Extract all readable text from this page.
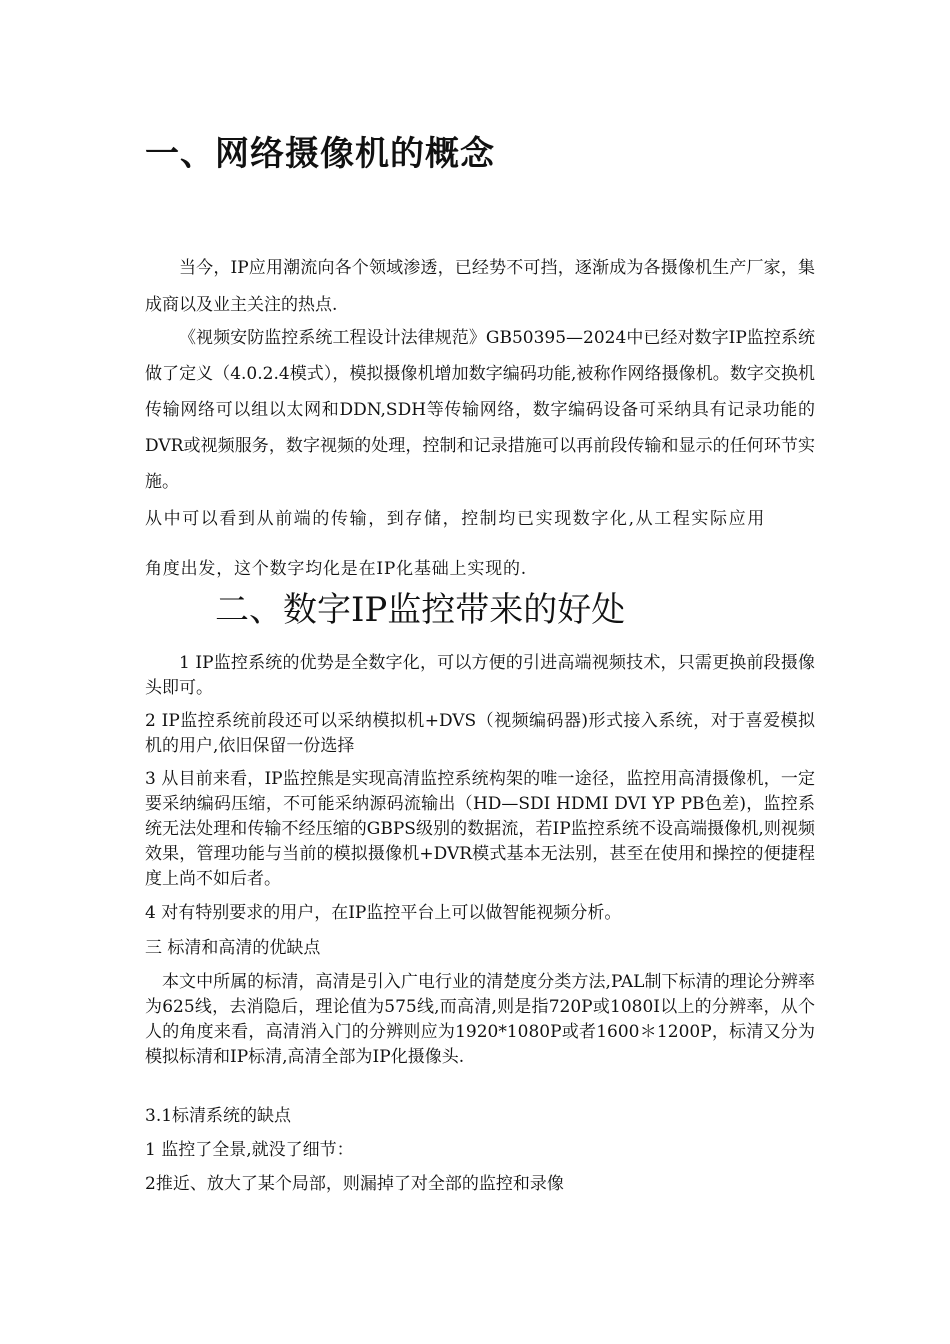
一、网络摄像机的概念

当今，IP应用潮流向各个领域渗透，已经势不可挡，逐渐成为各摄像机生产厂家，集成商以及业主关注的热点.

《视频安防监控系统工程设计法律规范》GB50395—2024中已经对数字IP监控系统做了定义（4.0.2.4模式），模拟摄像机增加数字编码功能,被称作网络摄像机。数字交换机传输网络可以组以太网和DDN,SDH等传输网络，数字编码设备可采纳具有记录功能的DVR或视频服务，数字视频的处理，控制和记录措施可以再前段传输和显示的任何环节实施。

从中可以看到从前端的传输，到存储，控制均已实现数字化,从工程实际应用

角度出发，这个数字均化是在IP化基础上实现的.

二、数字IP监控带来的好处

1 IP监控系统的优势是全数字化，可以方便的引进高端视频技术，只需更换前段摄像头即可。

2 IP监控系统前段还可以采纳模拟机+DVS（视频编码器)形式接入系统，对于喜爱模拟机的用户,依旧保留一份选择

3 从目前来看，IP监控熊是实现高清监控系统构架的唯一途径，监控用高清摄像机，一定要采纳编码压缩，不可能采纳源码流输出（HD—SDI HDMI DVI YP PB色差)，监控系统无法处理和传输不经压缩的GBPS级别的数据流，若IP监控系统不设高端摄像机,则视频效果，管理功能与当前的模拟摄像机+DVR模式基本无法别，甚至在使用和操控的便捷程度上尚不如后者。

4 对有特别要求的用户，在IP监控平台上可以做智能视频分析。

三 标清和高清的优缺点

本文中所属的标清，高清是引入广电行业的清楚度分类方法,PAL制下标清的理论分辨率为625线，去消隐后，理论值为575线,而高清,则是指720P或1080I以上的分辨率，从个人的角度来看，高清消入门的分辨则应为1920*1080P或者1600＊1200P，标清又分为模拟标清和IP标清,高清全部为IP化摄像头.

3.1标清系统的缺点

1 监控了全景,就没了细节：

2推近、放大了某个局部，则漏掉了对全部的监控和录像
